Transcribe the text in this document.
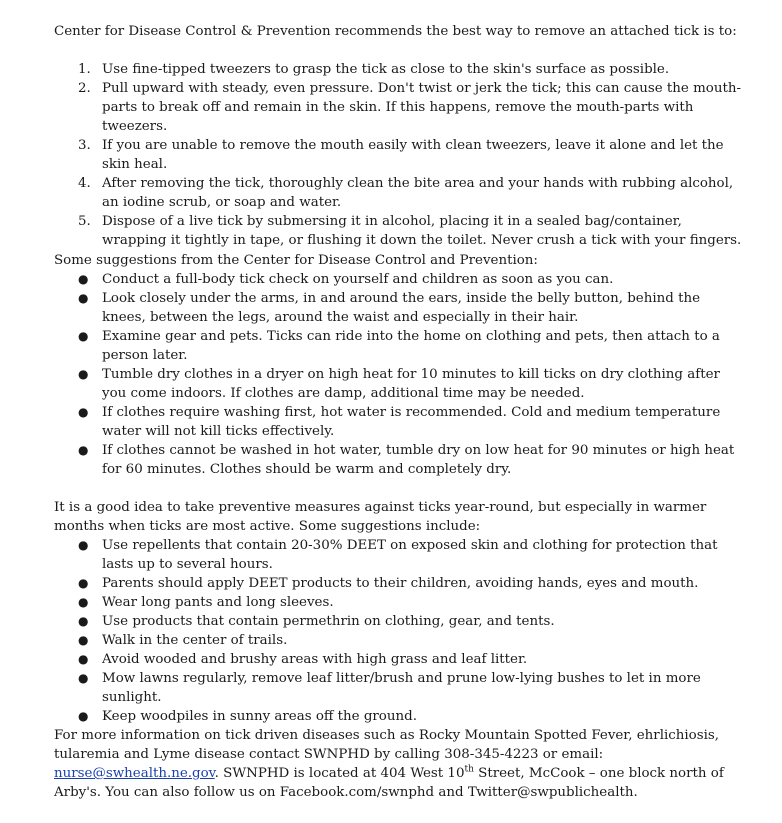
Center for Disease Control & Prevention recommends the best way to remove an attached tick is to:

1. Use fine-tipped tweezers to grasp the tick as close to the skin's surface as possible.
2. Pull upward with steady, even pressure. Don't twist or jerk the tick; this can cause the mouth-parts to break off and remain in the skin. If this happens, remove the mouth-parts with tweezers.
3. If you are unable to remove the mouth easily with clean tweezers, leave it alone and let the skin heal.
4. After removing the tick, thoroughly clean the bite area and your hands with rubbing alcohol, an iodine scrub, or soap and water.
5. Dispose of a live tick by submersing it in alcohol, placing it in a sealed bag/container, wrapping it tightly in tape, or flushing it down the toilet. Never crush a tick with your fingers.

Some suggestions from the Center for Disease Control and Prevention:

● Conduct a full-body tick check on yourself and children as soon as you can.
● Look closely under the arms, in and around the ears, inside the belly button, behind the knees, between the legs, around the waist and especially in their hair.
● Examine gear and pets. Ticks can ride into the home on clothing and pets, then attach to a person later.
● Tumble dry clothes in a dryer on high heat for 10 minutes to kill ticks on dry clothing after you come indoors. If clothes are damp, additional time may be needed.
● If clothes require washing first, hot water is recommended. Cold and medium temperature water will not kill ticks effectively.
● If clothes cannot be washed in hot water, tumble dry on low heat for 90 minutes or high heat for 60 minutes. Clothes should be warm and completely dry.

It is a good idea to take preventive measures against ticks year-round, but especially in warmer months when ticks are most active. Some suggestions include:

● Use repellents that contain 20-30% DEET on exposed skin and clothing for protection that lasts up to several hours.
● Parents should apply DEET products to their children, avoiding hands, eyes and mouth.
● Wear long pants and long sleeves.
● Use products that contain permethrin on clothing, gear, and tents.
● Walk in the center of trails.
● Avoid wooded and brushy areas with high grass and leaf litter.
● Mow lawns regularly, remove leaf litter/brush and prune low-lying bushes to let in more sunlight.
● Keep woodpiles in sunny areas off the ground.

For more information on tick driven diseases such as Rocky Mountain Spotted Fever, ehrlichiosis, tularemia and Lyme disease contact SWNPHD by calling 308-345-4223 or email: nurse@swhealth.ne.gov. SWNPHD is located at 404 West 10th Street, McCook – one block north of Arby's. You can also follow us on Facebook.com/swnphd and Twitter@swpublichealth.
